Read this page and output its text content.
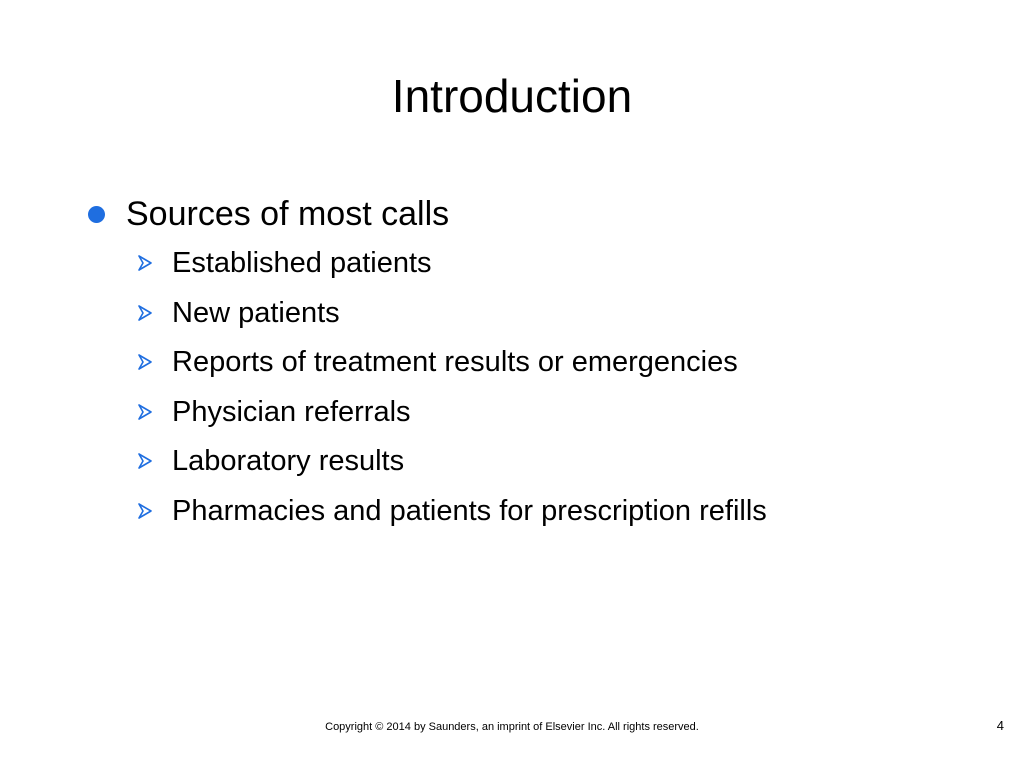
Introduction
Sources of most calls
Established patients
New patients
Reports of treatment results or emergencies
Physician referrals
Laboratory results
Pharmacies and patients for prescription refills
Copyright © 2014 by Saunders, an imprint of Elsevier Inc. All rights reserved.	4
